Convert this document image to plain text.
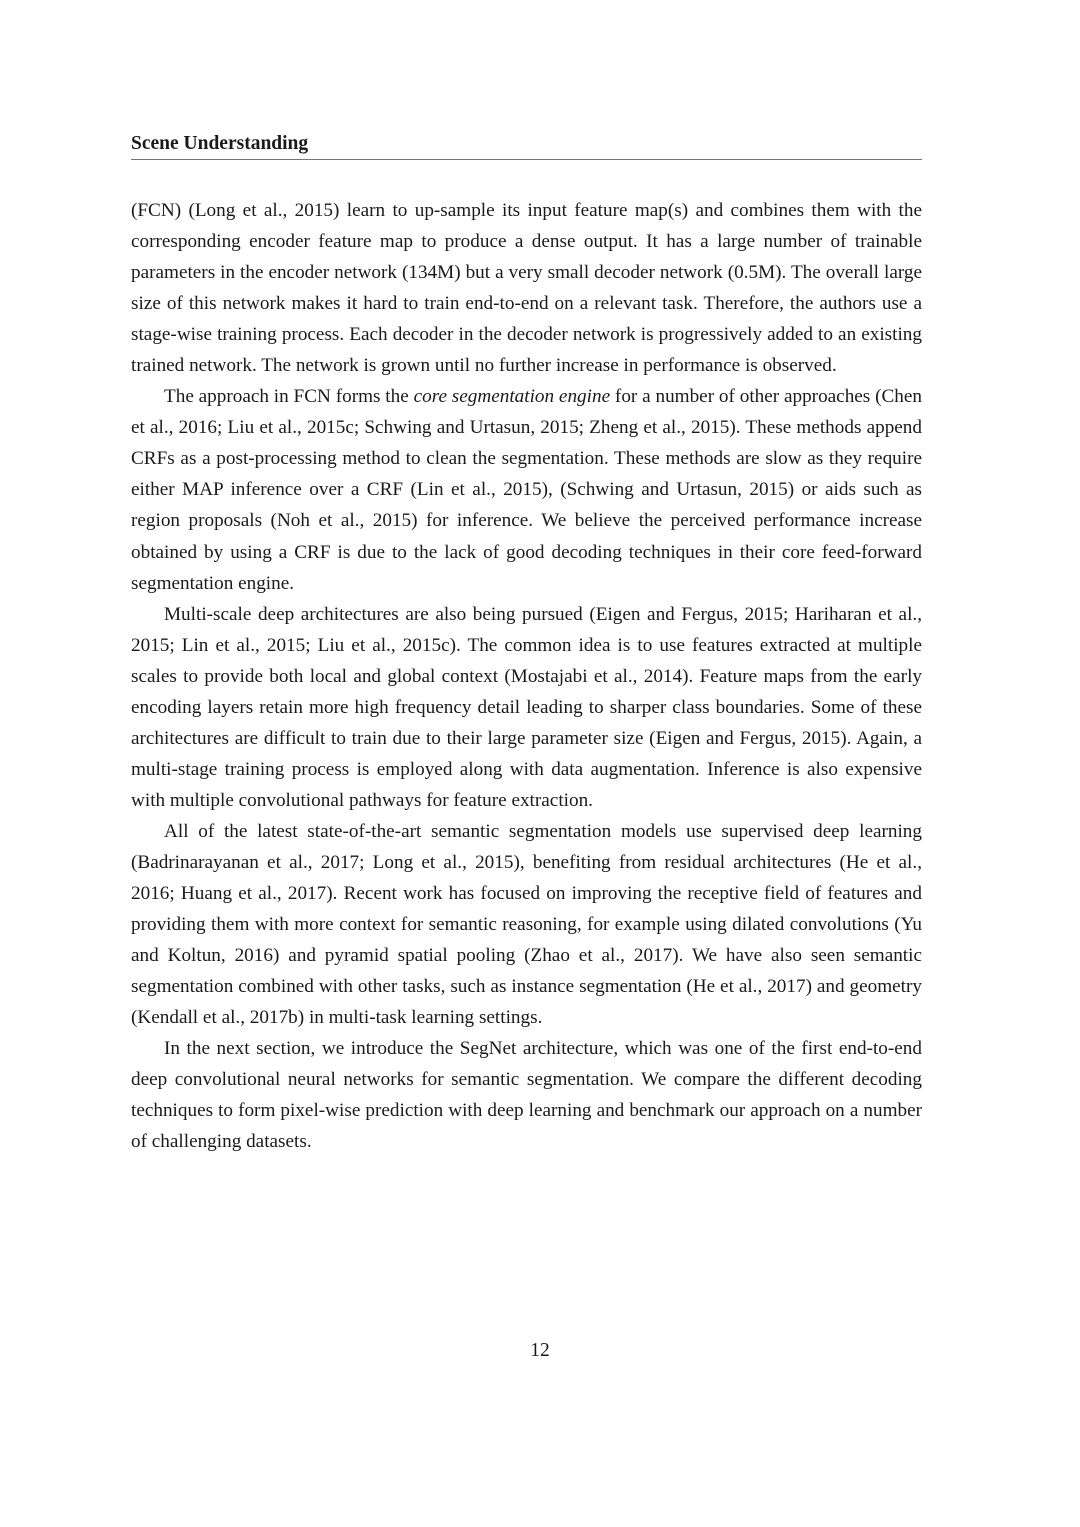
Scene Understanding

(FCN) (Long et al., 2015) learn to up-sample its input feature map(s) and combines them with the corresponding encoder feature map to produce a dense output. It has a large number of trainable parameters in the encoder network (134M) but a very small decoder network (0.5M). The overall large size of this network makes it hard to train end-to-end on a relevant task. Therefore, the authors use a stage-wise training process. Each decoder in the decoder network is progressively added to an existing trained network. The network is grown until no further increase in performance is observed.

The approach in FCN forms the core segmentation engine for a number of other approaches (Chen et al., 2016; Liu et al., 2015c; Schwing and Urtasun, 2015; Zheng et al., 2015). These methods append CRFs as a post-processing method to clean the segmentation. These methods are slow as they require either MAP inference over a CRF (Lin et al., 2015), (Schwing and Urtasun, 2015) or aids such as region proposals (Noh et al., 2015) for inference. We believe the perceived performance increase obtained by using a CRF is due to the lack of good decoding techniques in their core feed-forward segmentation engine.

Multi-scale deep architectures are also being pursued (Eigen and Fergus, 2015; Hariharan et al., 2015; Lin et al., 2015; Liu et al., 2015c). The common idea is to use features extracted at multiple scales to provide both local and global context (Mostajabi et al., 2014). Feature maps from the early encoding layers retain more high frequency detail leading to sharper class boundaries. Some of these architectures are difficult to train due to their large parameter size (Eigen and Fergus, 2015). Again, a multi-stage training process is employed along with data augmentation. Inference is also expensive with multiple convolutional pathways for feature extraction.

All of the latest state-of-the-art semantic segmentation models use supervised deep learning (Badrinarayanan et al., 2017; Long et al., 2015), benefiting from residual architectures (He et al., 2016; Huang et al., 2017). Recent work has focused on improving the receptive field of features and providing them with more context for semantic reasoning, for example using dilated convolutions (Yu and Koltun, 2016) and pyramid spatial pooling (Zhao et al., 2017). We have also seen semantic segmentation combined with other tasks, such as instance segmentation (He et al., 2017) and geometry (Kendall et al., 2017b) in multi-task learning settings.

In the next section, we introduce the SegNet architecture, which was one of the first end-to-end deep convolutional neural networks for semantic segmentation. We compare the different decoding techniques to form pixel-wise prediction with deep learning and benchmark our approach on a number of challenging datasets.

12
